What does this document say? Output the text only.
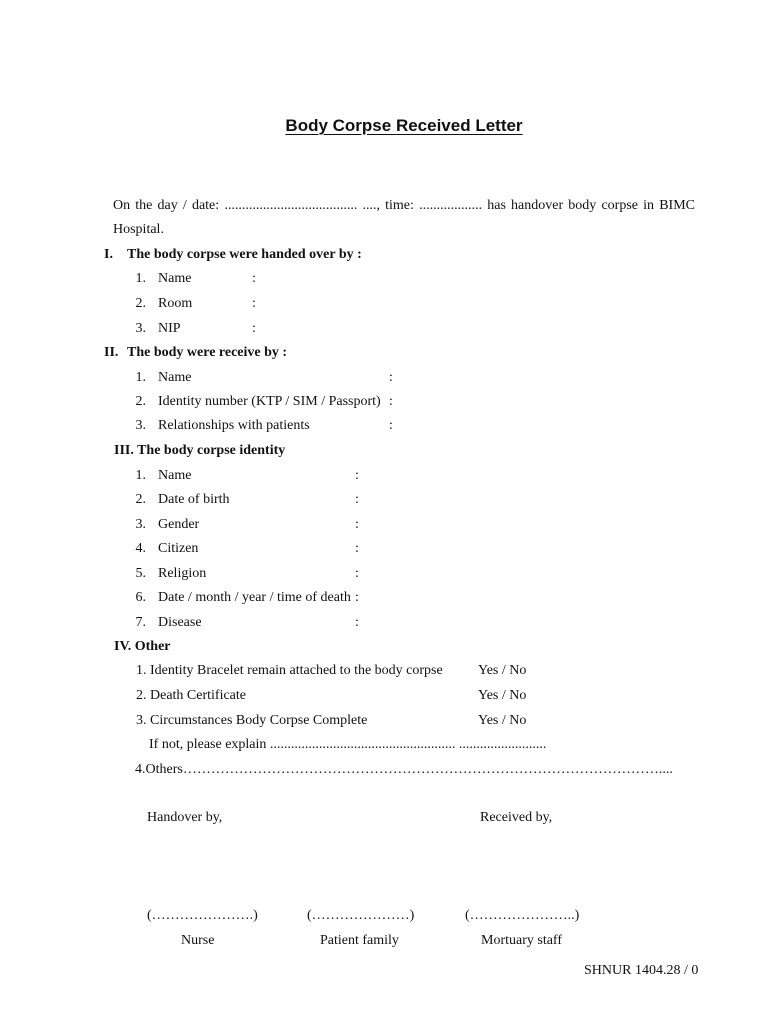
Body Corpse Received Letter
On the day / date: ...................................... ...., time: .................. has handover body corpse in BIMC
Hospital.
I. The body corpse were handed over by :
1. Name	:
2. Room	:
3. NIP	:
II. The body were receive by :
1. Name	:
2. Identity number (KTP / SIM / Passport) :
3. Relationships with patients	:
III. The body corpse identity
1. Name	:
2. Date of birth	:
3. Gender	:
4. Citizen	:
5. Religion	:
6. Date / month / year / time of death :
7. Disease	:
IV. Other
1. Identity Bracelet remain attached to the body corpse	Yes / No
2. Death Certificate	Yes / No
3. Circumstances Body Corpse Complete	Yes / No
If not, please explain ..................................................... .........................
4.Others…………………………………………………………………………………………....
Handover by,	Received by,
(………………….)	(…………………)	(…………………..)
Nurse	Patient family	Mortuary staff
SHNUR 1404.28 / 0
